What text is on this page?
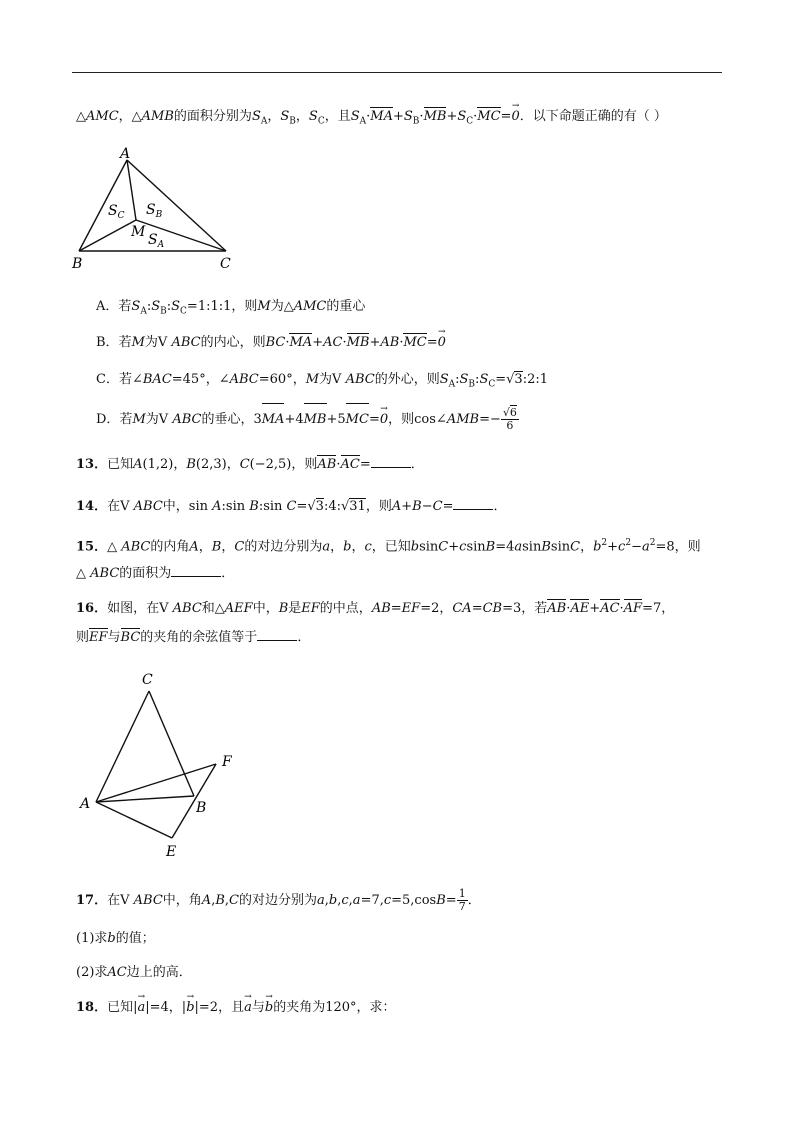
△AMC，△AMB的面积分别为$S_A$，$S_B$，$S_C$，且$S_A\cdot MA+S_B\cdot MB+S_C\cdot MC=\to 0$．以下命题正确的有（ ）
A
B	C
M
$S_C$ $S_B$
$S_A$
A．若$S_A:S_B:S_C=1:1:1$，则M为△AMC的重心
B．若M为V ABC的内心，则BC·MA+AC·MB+AB·MC=→ 0
C．若∠BAC=45°，∠ABC=60°，M为V ABC的外心，则$S_A:S_B:S_C=√3:2:1$
D．若M为V ABC的垂心，3MA+4MB+5MC=→ 0，则cos∠AMB=− $\frac{√6}{6}$
13．已知A(1,2)，B(2,3)，C(−2,5)，则AB·AC=	．
14．在V ABC中，sin A:sin B:sin C=√3:4:√31，则A+B−C=	．
15．△ ABC的内角A，B，C的对边分别为a，b，c，已知bsinC+csinB=4asinBsinC，$b^2+c^2-a^2=8$，则
△ ABC的面积为	．
16．如图，在V ABC和△AEF中，B是EF的中点，AB=EF=2，CA=CB=3，若AB·AE+AC·AF=7，
则EF与BC的夹角的余弦值等于	．
C
A	B
F
E
17．在V ABC中，角A,B,C的对边分别为$a,b,c,a=7,c=5,\cos B= \frac{1}{7}$ ．
(1)求b的值；
(2)求AC边上的高．
18．已知|→ a|=4，|→ b|=2，且→ a与→ b的夹角为120°，求：
